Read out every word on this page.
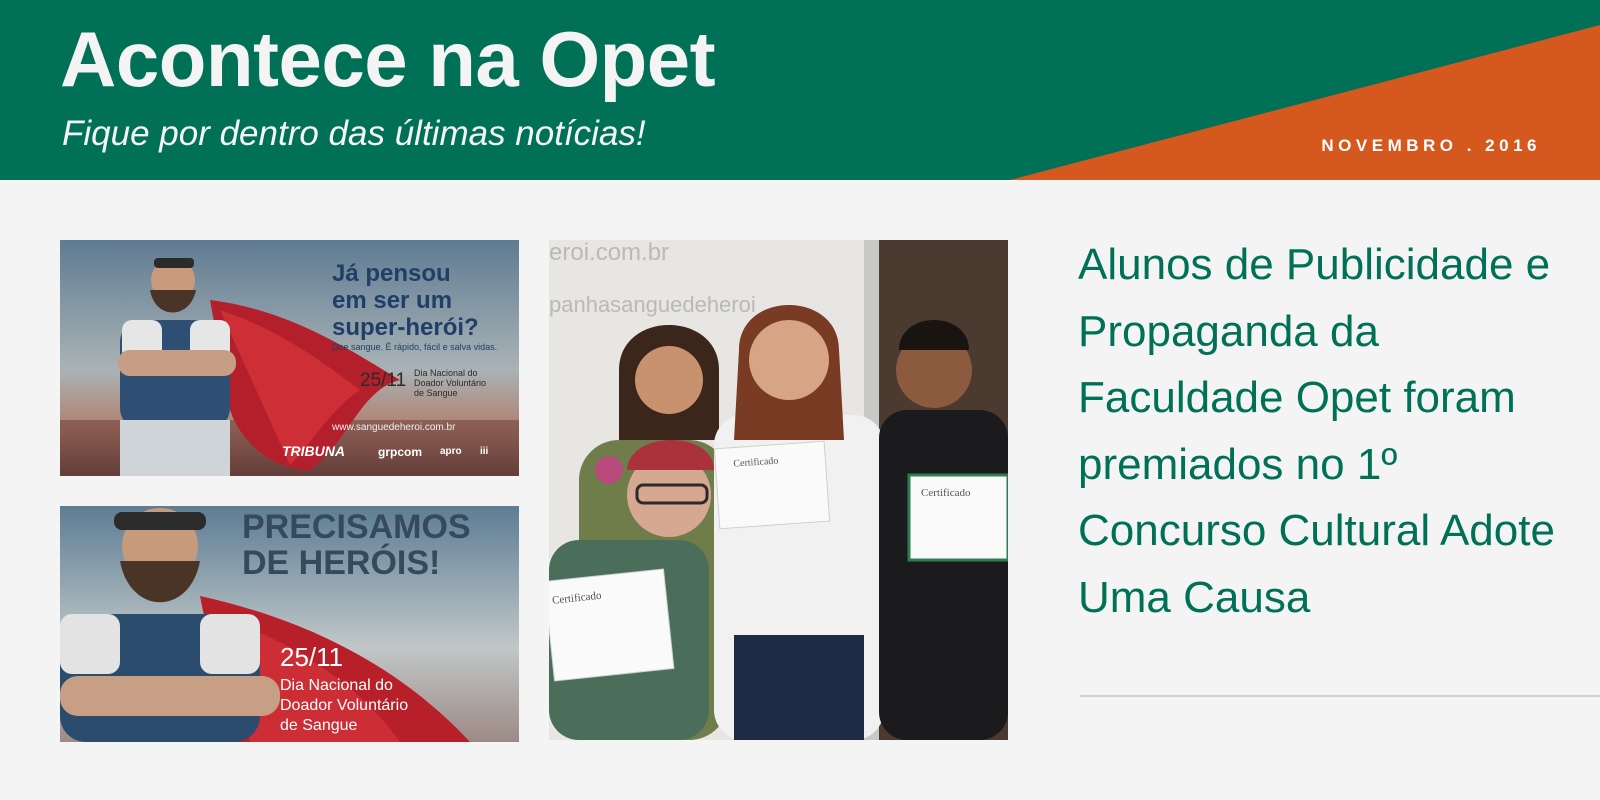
Acontece na Opet
Fique por dentro das últimas notícias!	NOVEMBRO . 2016
Já pensou
em ser um
super-herói?
Doe sangue. É rápido, fácil e salva vidas.
25/11 Dia Nacional do
Doador Voluntário
de Sangue
www.sanguedeheroi.com.br
TRIBUNA	grpcom apro iii
PRECISAMOS
DE HERÓIS!
25/11
Dia Nacional do
Doador Voluntário
de Sangue
eroi.com.br
panhasanguedeheroi
Certificado
Certificado
Certificado
Alunos de Publicidade e Propaganda da Faculdade Opet foram premiados no 1º Concurso Cultural Adote Uma Causa
